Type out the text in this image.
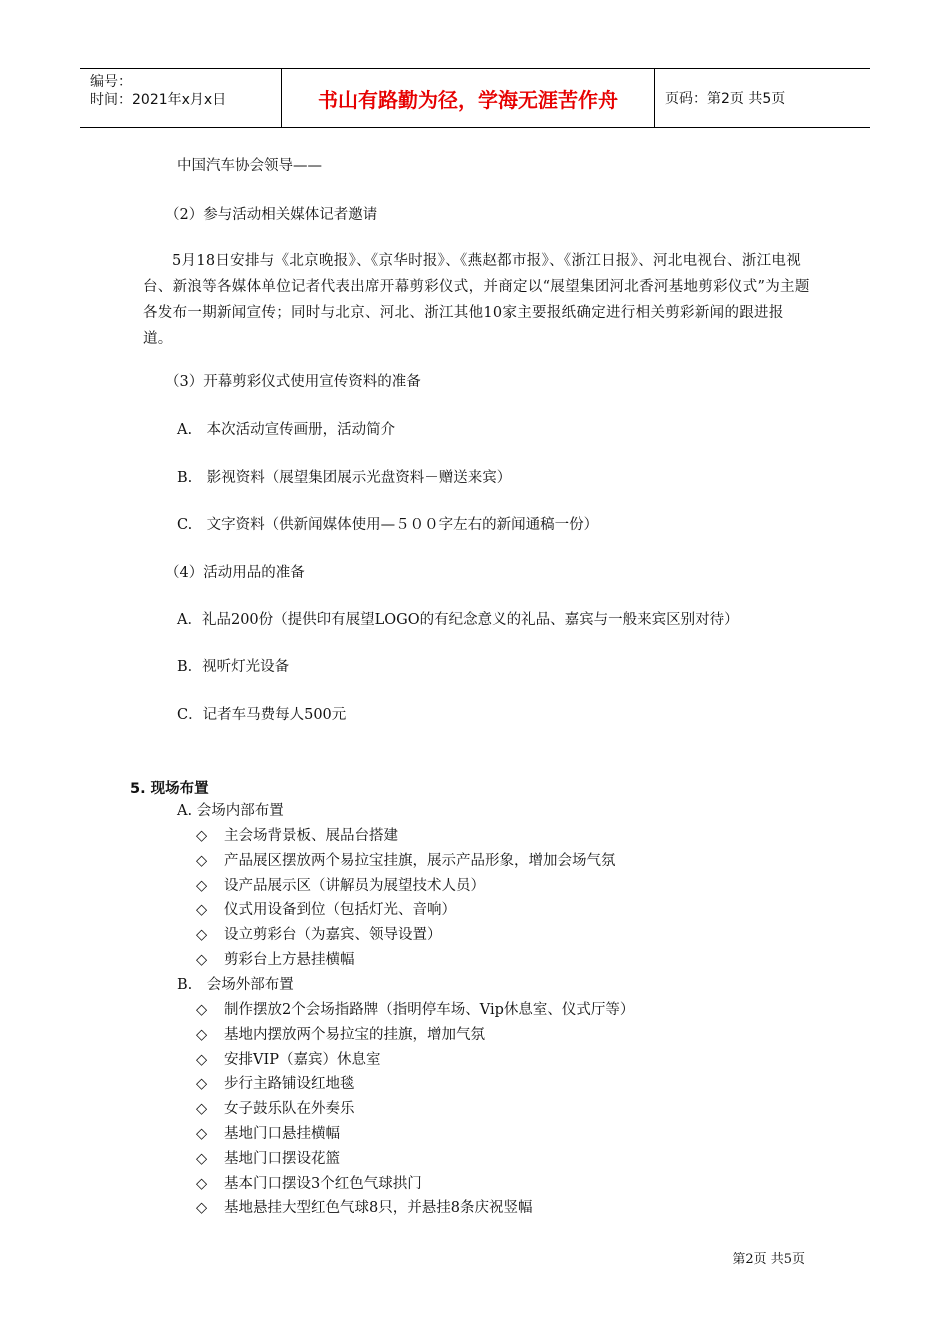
编号：
时间：2021年x月x日	书山有路勤为径，学海无涯苦作舟	页码：第2页 共5页
中国汽车协会领导——
（2）参与活动相关媒体记者邀请
5月18日安排与《北京晚报》、《京华时报》、《燕赵都市报》、《浙江日报》、河北电视台、浙江电视台、新浪等各媒体单位记者代表出席开幕剪彩仪式，并商定以“展望集团河北香河基地剪彩仪式”为主题各发布一期新闻宣传；同时与北京、河北、浙江其他10家主要报纸确定进行相关剪彩新闻的跟进报道。
（3）开幕剪彩仪式使用宣传资料的准备
A.　本次活动宣传画册，活动简介
B.　影视资料（展望集团展示光盘资料－赠送来宾）
C.　文字资料（供新闻媒体使用—５００字左右的新闻通稿一份）
（4）活动用品的准备
A．礼品200份（提供印有展望LOGO的有纪念意义的礼品、嘉宾与一般来宾区别对待）
B．视听灯光设备
C．记者车马费每人500元
5. 现场布置
A. 会场内部布置
◇ 主会场背景板、展品台搭建
◇ 产品展区摆放两个易拉宝挂旗，展示产品形象，增加会场气氛
◇ 设产品展示区（讲解员为展望技术人员）
◇ 仪式用设备到位（包括灯光、音响）
◇ 设立剪彩台（为嘉宾、领导设置）
◇ 剪彩台上方悬挂横幅
B.　会场外部布置
◇ 制作摆放2个会场指路牌（指明停车场、Vip休息室、仪式厅等）
◇ 基地内摆放两个易拉宝的挂旗，增加气氛
◇ 安排VIP（嘉宾）休息室
◇ 步行主路铺设红地毯
◇ 女子鼓乐队在外奏乐
◇ 基地门口悬挂横幅
◇ 基地门口摆设花篮
◇ 基本门口摆设3个红色气球拱门
◇ 基地悬挂大型红色气球8只，并悬挂8条庆祝竖幅
第2页 共5页
